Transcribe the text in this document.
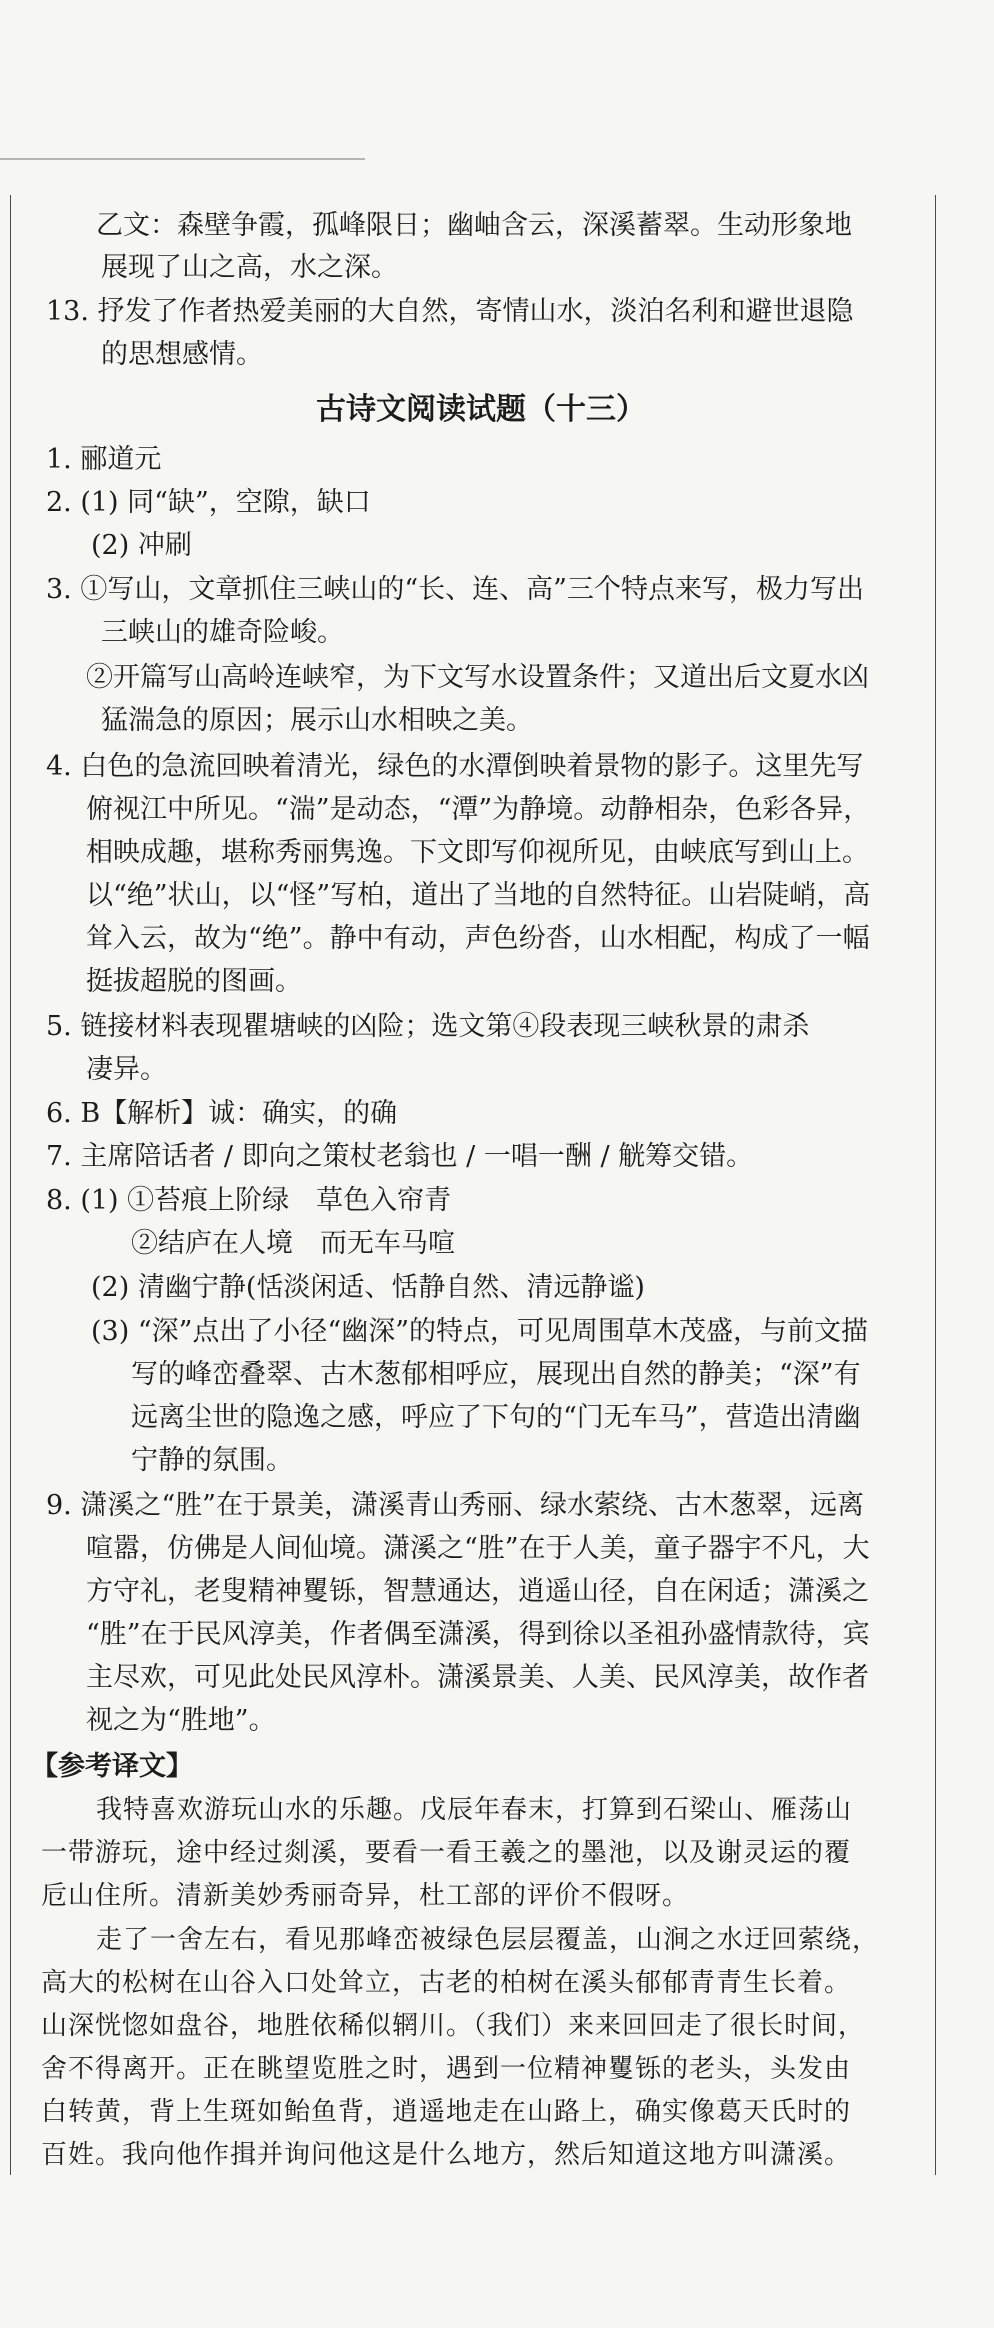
乙文：森壁争霞，孤峰限日；幽岫含云，深溪蓄翠。生动形象地
展现了山之高，水之深。
13. 抒发了作者热爱美丽的大自然，寄情山水，淡泊名利和避世退隐
的思想感情。
古诗文阅读试题（十三）
1. 郦道元
2. (1) 同“缺”，空隙，缺口
(2) 冲刷
3. ①写山，文章抓住三峡山的“长、连、高”三个特点来写，极力写出
三峡山的雄奇险峻。
②开篇写山高岭连峡窄，为下文写水设置条件；又道出后文夏水凶
猛湍急的原因；展示山水相映之美。
4. 白色的急流回映着清光，绿色的水潭倒映着景物的影子。这里先写
俯视江中所见。“湍”是动态，“潭”为静境。动静相杂，色彩各异，
相映成趣，堪称秀丽隽逸。下文即写仰视所见，由峡底写到山上。
以“绝”状山，以“怪”写柏，道出了当地的自然特征。山岩陡峭，高
耸入云，故为“绝”。静中有动，声色纷沓，山水相配，构成了一幅
挺拔超脱的图画。
5. 链接材料表现瞿塘峡的凶险；选文第④段表现三峡秋景的肃杀
凄异。
6. B【解析】诚：确实，的确
7. 主席陪话者 / 即向之策杖老翁也 / 一唱一酬 / 觥筹交错。
8. (1) ①苔痕上阶绿　草色入帘青
②结庐在人境　而无车马喧
(2) 清幽宁静(恬淡闲适、恬静自然、清远静谧)
(3) “深”点出了小径“幽深”的特点，可见周围草木茂盛，与前文描
写的峰峦叠翠、古木葱郁相呼应，展现出自然的静美；“深”有
远离尘世的隐逸之感，呼应了下句的“门无车马”，营造出清幽
宁静的氛围。
9. 潇溪之“胜”在于景美，潇溪青山秀丽、绿水萦绕、古木葱翠，远离
喧嚣，仿佛是人间仙境。潇溪之“胜”在于人美，童子器宇不凡，大
方守礼，老叟精神矍铄，智慧通达，逍遥山径，自在闲适；潇溪之
“胜”在于民风淳美，作者偶至潇溪，得到徐以圣祖孙盛情款待，宾
主尽欢，可见此处民风淳朴。潇溪景美、人美、民风淳美，故作者
视之为“胜地”。
【参考译文】
我特喜欢游玩山水的乐趣。戊辰年春末，打算到石梁山、雁荡山
一带游玩，途中经过剡溪，要看一看王羲之的墨池，以及谢灵运的覆
卮山住所。清新美妙秀丽奇异，杜工部的评价不假呀。
走了一舍左右，看见那峰峦被绿色层层覆盖，山涧之水迂回萦绕，
高大的松树在山谷入口处耸立，古老的柏树在溪头郁郁青青生长着。
山深恍惚如盘谷，地胜依稀似辋川。（我们）来来回回走了很长时间，
舍不得离开。正在眺望览胜之时，遇到一位精神矍铄的老头，头发由
白转黄，背上生斑如鲐鱼背，逍遥地走在山路上，确实像葛天氏时的
百姓。我向他作揖并询问他这是什么地方，然后知道这地方叫潇溪。
